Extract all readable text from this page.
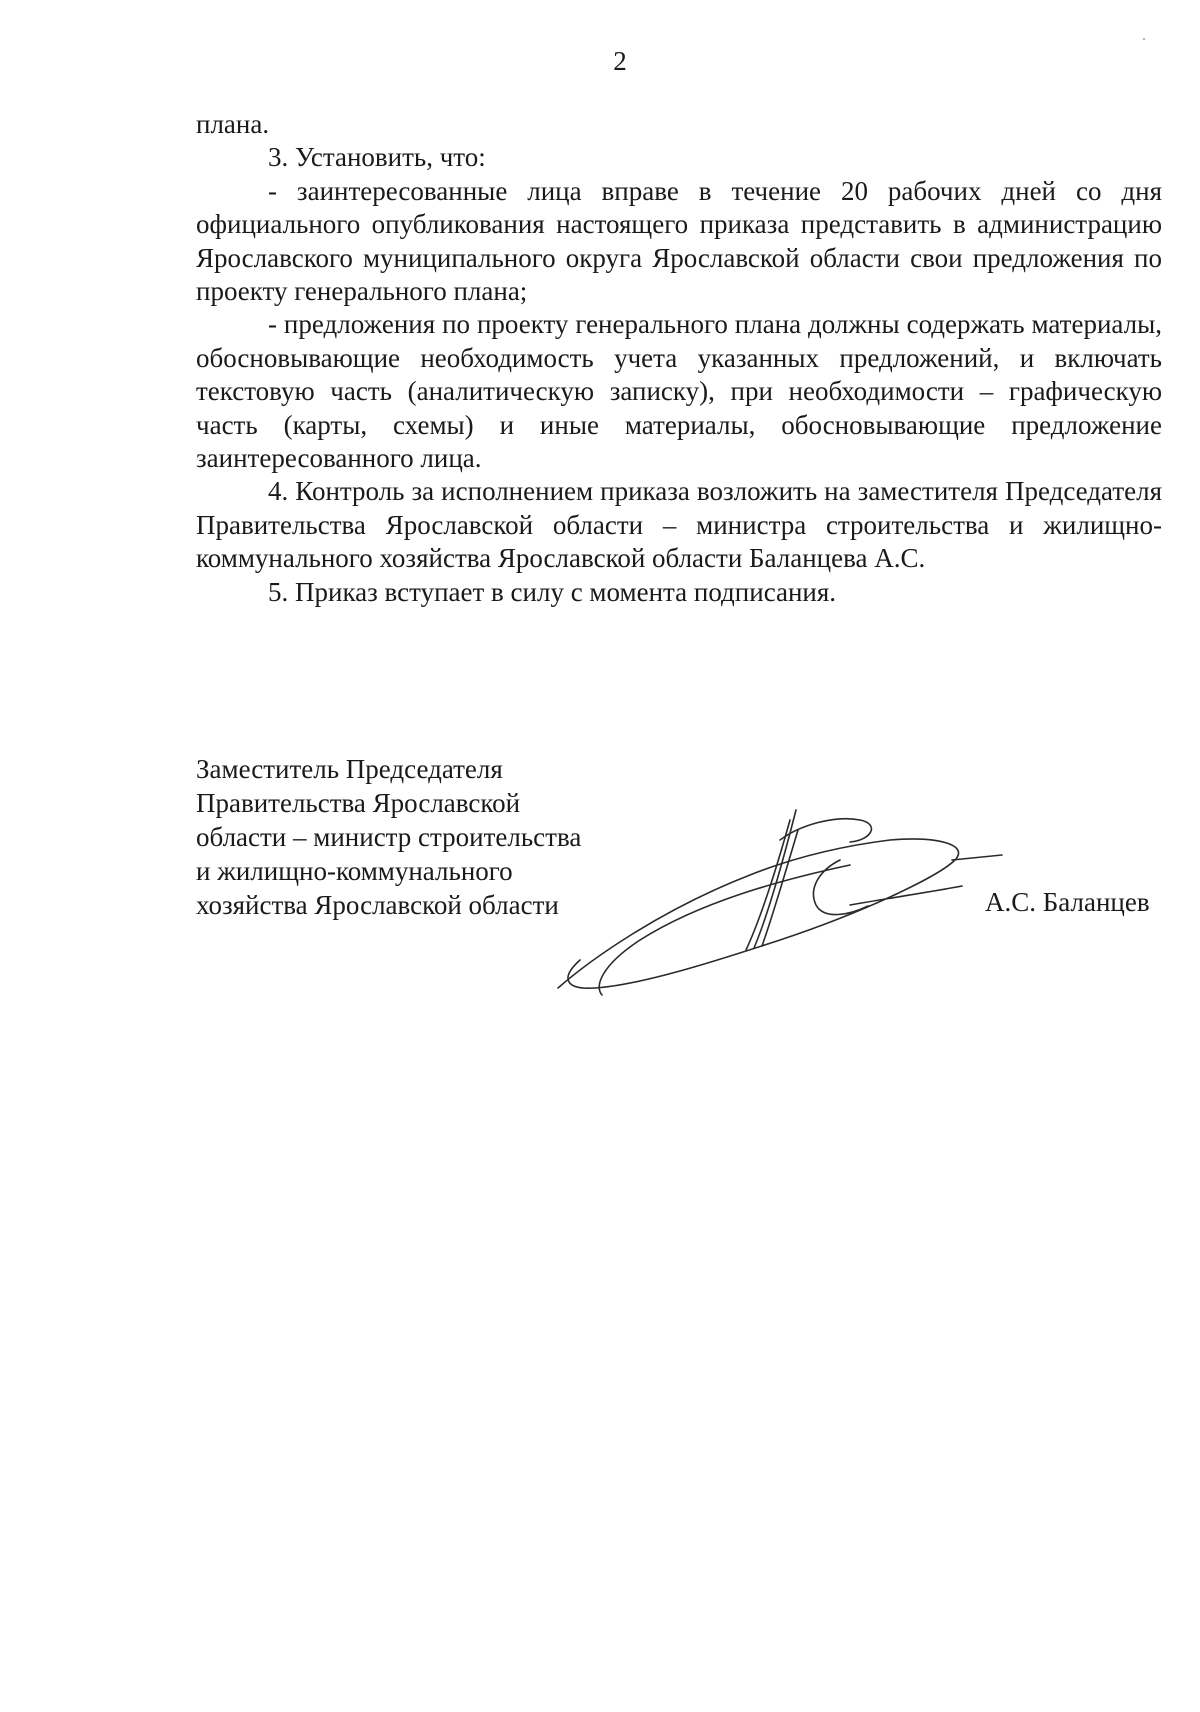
2

плана.

3. Установить, что:

- заинтересованные лица вправе в течение 20 рабочих дней со дня официального опубликования настоящего приказа представить в администрацию Ярославского муниципального округа Ярославской области свои предложения по проекту генерального плана;

- предложения по проекту генерального плана должны содержать материалы, обосновывающие необходимость учета указанных предложений, и включать текстовую часть (аналитическую записку), при необходимости – графическую часть (карты, схемы) и иные материалы, обосновывающие предложение заинтересованного лица.

4. Контроль за исполнением приказа возложить на заместителя Председателя Правительства Ярославской области – министра строительства и жилищно-коммунального хозяйства Ярославской области Баланцева А.С.

5. Приказ вступает в силу с момента подписания.

Заместитель Председателя
Правительства Ярославской
области – министр строительства
и жилищно-коммунального
хозяйства Ярославской области	А.С. Баланцев
